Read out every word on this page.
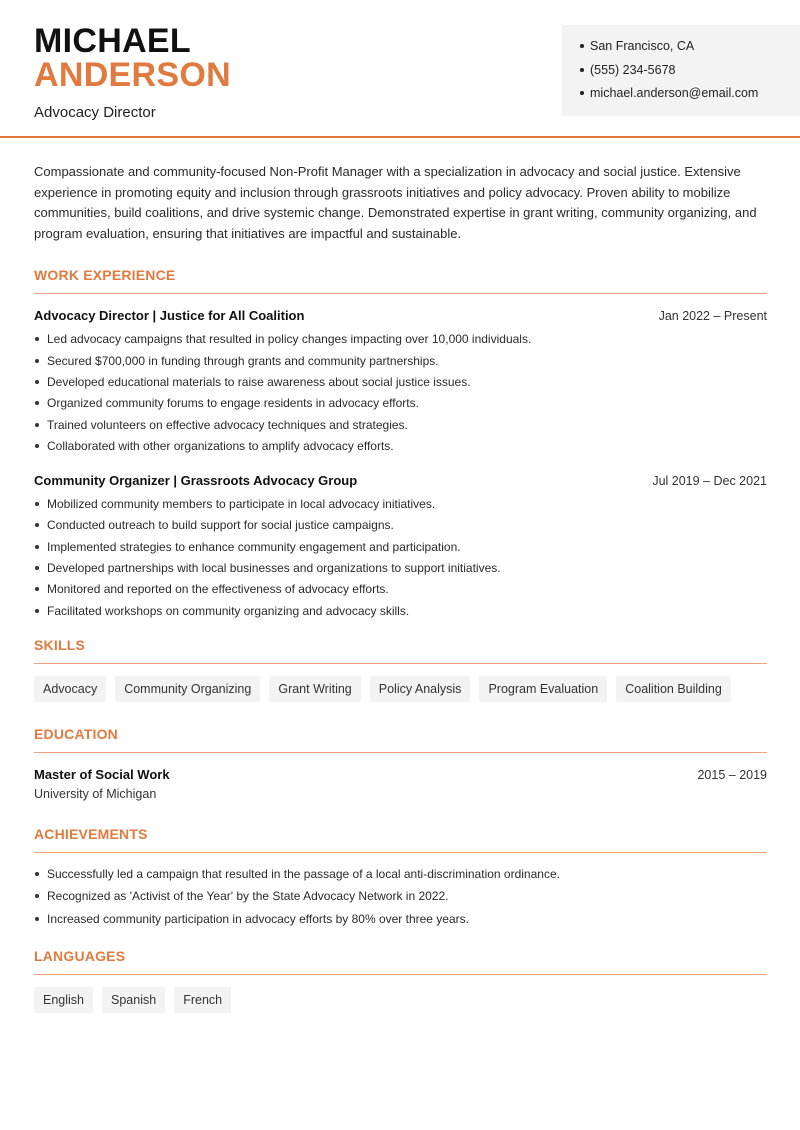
MICHAEL
ANDERSON
Advocacy Director
San Francisco, CA
(555) 234-5678
michael.anderson@email.com

Compassionate and community-focused Non-Profit Manager with a specialization in advocacy and social justice. Extensive experience in promoting equity and inclusion through grassroots initiatives and policy advocacy. Proven ability to mobilize communities, build coalitions, and drive systemic change. Demonstrated expertise in grant writing, community organizing, and program evaluation, ensuring that initiatives are impactful and sustainable.

WORK EXPERIENCE
Advocacy Director | Justice for All Coalition	Jan 2022 – Present
Led advocacy campaigns that resulted in policy changes impacting over 10,000 individuals.
Secured $700,000 in funding through grants and community partnerships.
Developed educational materials to raise awareness about social justice issues.
Organized community forums to engage residents in advocacy efforts.
Trained volunteers on effective advocacy techniques and strategies.
Collaborated with other organizations to amplify advocacy efforts.
Community Organizer | Grassroots Advocacy Group	Jul 2019 – Dec 2021
Mobilized community members to participate in local advocacy initiatives.
Conducted outreach to build support for social justice campaigns.
Implemented strategies to enhance community engagement and participation.
Developed partnerships with local businesses and organizations to support initiatives.
Monitored and reported on the effectiveness of advocacy efforts.
Facilitated workshops on community organizing and advocacy skills.
SKILLS
Advocacy	Community Organizing	Grant Writing	Policy Analysis	Program Evaluation	Coalition Building
EDUCATION
Master of Social Work	2015 – 2019
University of Michigan
ACHIEVEMENTS
Successfully led a campaign that resulted in the passage of a local anti-discrimination ordinance.
Recognized as 'Activist of the Year' by the State Advocacy Network in 2022.
Increased community participation in advocacy efforts by 80% over three years.
LANGUAGES
English	Spanish	French
